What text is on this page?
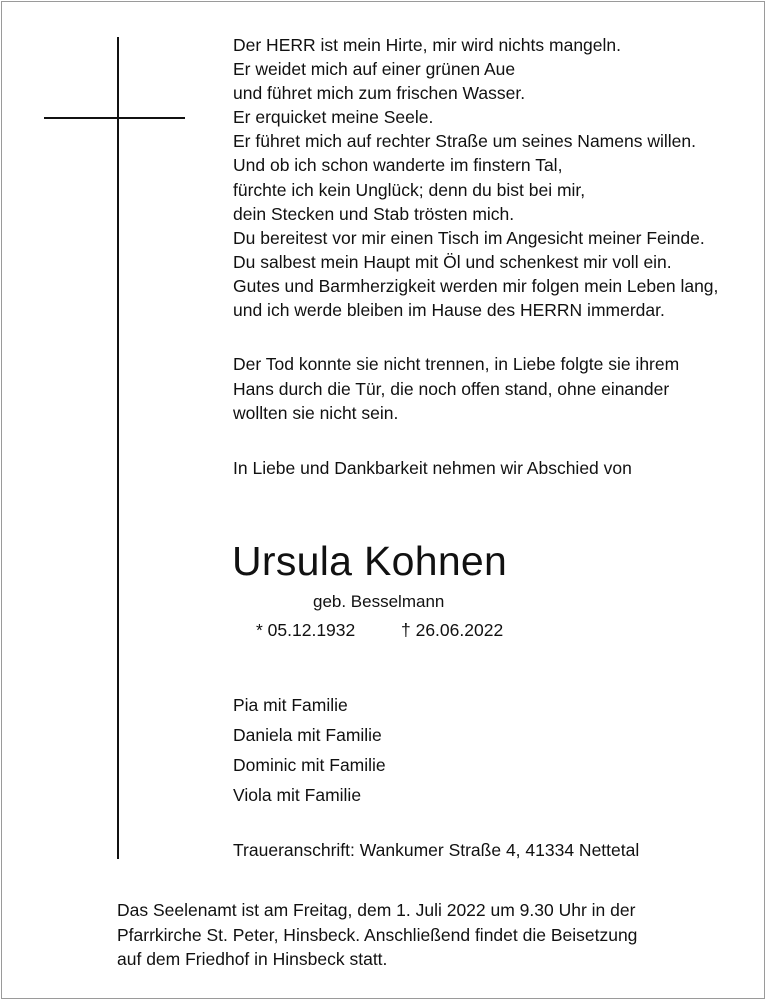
Der HERR ist mein Hirte, mir wird nichts mangeln.
Er weidet mich auf einer grünen Aue
und führet mich zum frischen Wasser.
Er erquicket meine Seele.
Er führet mich auf rechter Straße um seines Namens willen.
Und ob ich schon wanderte im finstern Tal,
fürchte ich kein Unglück; denn du bist bei mir,
dein Stecken und Stab trösten mich.
Du bereitest vor mir einen Tisch im Angesicht meiner Feinde.
Du salbest mein Haupt mit Öl und schenkest mir voll ein.
Gutes und Barmherzigkeit werden mir folgen mein Leben lang,
und ich werde bleiben im Hause des HERRN immerdar.
Der Tod konnte sie nicht trennen, in Liebe folgte sie ihrem
Hans durch die Tür, die noch offen stand, ohne einander
wollten sie nicht sein.
In Liebe und Dankbarkeit nehmen wir Abschied von
Ursula Kohnen
geb. Besselmann
* 05.12.1932	† 26.06.2022
Pia mit Familie
Daniela mit Familie
Dominic mit Familie
Viola mit Familie
Traueranschrift: Wankumer Straße 4, 41334 Nettetal
Das Seelenamt ist am Freitag, dem 1. Juli 2022 um 9.30 Uhr in der
Pfarrkirche St. Peter, Hinsbeck. Anschließend findet die Beisetzung
auf dem Friedhof in Hinsbeck statt.
